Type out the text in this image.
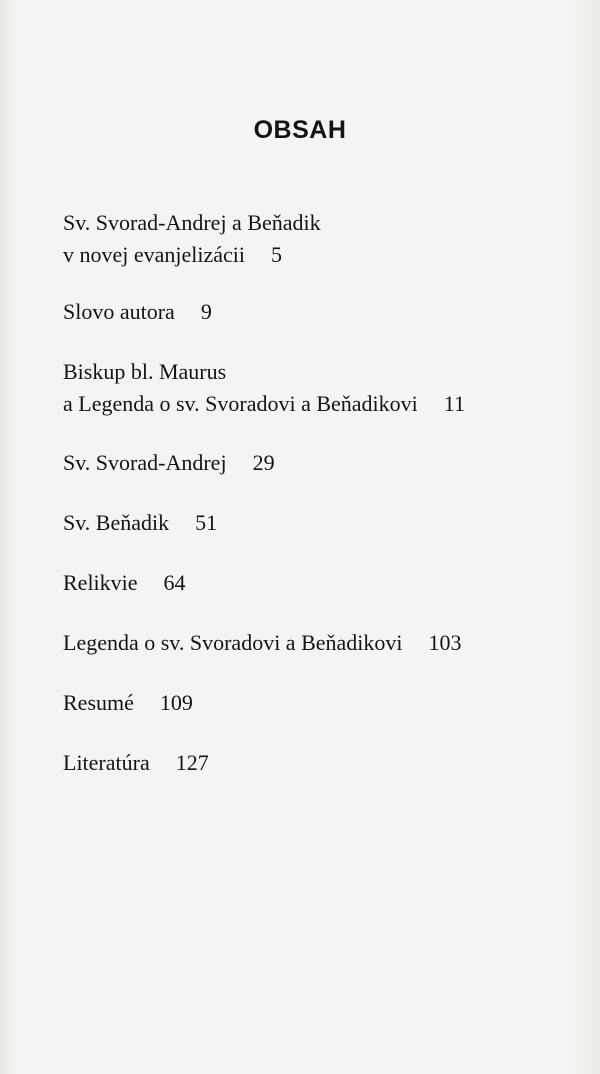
OBSAH
Sv. Svorad-Andrej a Beňadik
v novej evanjelizácii 5
Slovo autora 9
Biskup bl. Maurus
a Legenda o sv. Svoradovi a Beňadikovi 11
Sv. Svorad-Andrej 29
Sv. Beňadik 51
Relikvie 64
Legenda o sv. Svoradovi a Beňadikovi 103
Resumé 109
Literatúra 127
